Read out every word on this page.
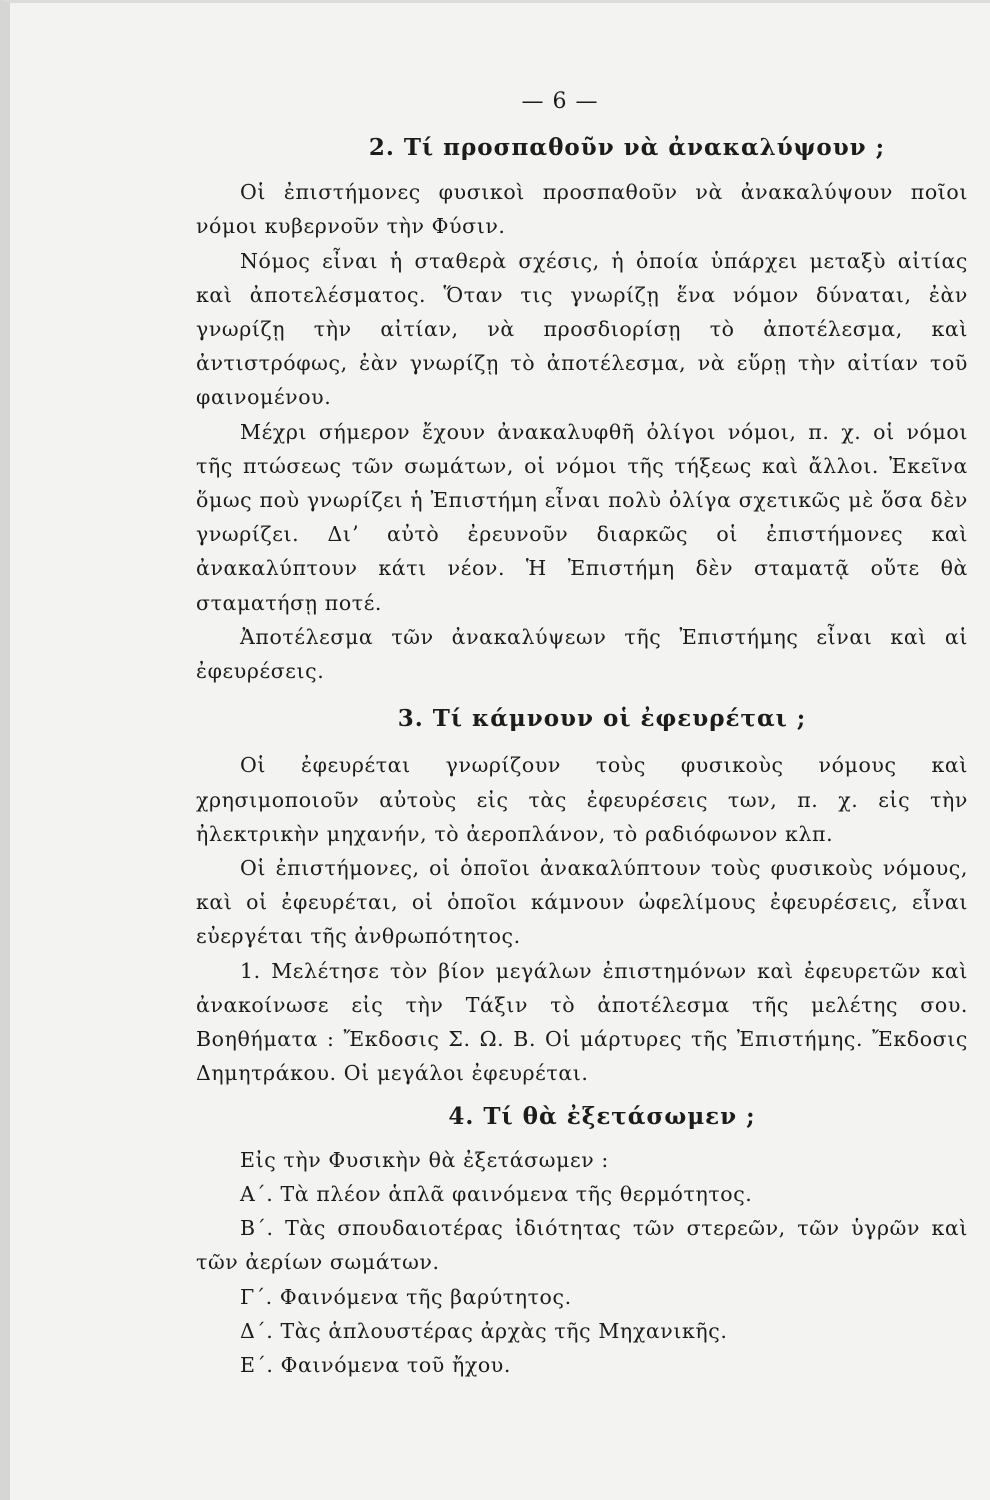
— 6 —
2. Τί προσπαθοῦν νὰ ἀνακαλύψουν ;

Οἱ ἐπιστήμονες φυσικοὶ προσπαθοῦν νὰ ἀνακαλύψουν ποῖοι νόμοι κυβερνοῦν τὴν Φύσιν.

Νόμος εἶναι ἡ σταθερὰ σχέσις, ἡ ὁποία ὑπάρχει μεταξὺ αἰτίας καὶ ἀποτελέσματος. Ὅταν τις γνωρίζῃ ἕνα νόμον δύναται, ἐὰν γνωρίζῃ τὴν αἰτίαν, νὰ προσδιορίσῃ τὸ ἀποτέλεσμα, καὶ ἀντιστρόφως, ἐὰν γνωρίζῃ τὸ ἀποτέλεσμα, νὰ εὕρῃ τὴν αἰτίαν τοῦ φαινομένου.

Μέχρι σήμερον ἔχουν ἀνακαλυφθῆ ὀλίγοι νόμοι, π. χ. οἱ νόμοι τῆς πτώσεως τῶν σωμάτων, οἱ νόμοι τῆς τήξεως καὶ ἄλλοι. Ἐκεῖνα ὅμως ποὺ γνωρίζει ἡ Ἐπιστήμη εἶναι πολὺ ὀλίγα σχετικῶς μὲ ὅσα δὲν γνωρίζει. Διʼ αὐτὸ ἐρευνοῦν διαρκῶς οἱ ἐπιστήμονες καὶ ἀνακαλύπτουν κάτι νέον. Ἡ Ἐπιστήμη δὲν σταματᾷ οὔτε θὰ σταματήσῃ ποτέ.

Ἀποτέλεσμα τῶν ἀνακαλύψεων τῆς Ἐπιστήμης εἶναι καὶ αἱ ἐφευρέσεις.

3. Τί κάμνουν οἱ ἐφευρέται ;

Οἱ ἐφευρέται γνωρίζουν τοὺς φυσικοὺς νόμους καὶ χρησιμοποιοῦν αὐτοὺς εἰς τὰς ἐφευρέσεις των, π. χ. εἰς τὴν ἠλεκτρικὴν μηχανήν, τὸ ἀεροπλάνον, τὸ ραδιόφωνον κλπ.

Οἱ ἐπιστήμονες, οἱ ὁποῖοι ἀνακαλύπτουν τοὺς φυσικοὺς νόμους, καὶ οἱ ἐφευρέται, οἱ ὁποῖοι κάμνουν ὠφελίμους ἐφευρέσεις, εἶναι εὐεργέται τῆς ἀνθρωπότητος.

1. Μελέτησε τὸν βίον μεγάλων ἐπιστημόνων καὶ ἐφευρετῶν καὶ ἀνακοίνωσε εἰς τὴν Τάξιν τὸ ἀποτέλεσμα τῆς μελέτης σου. Βοηθήματα : Ἔκδοσις Σ. Ω. Β. Οἱ μάρτυρες τῆς Ἐπιστήμης. Ἔκδοσις Δημητράκου. Οἱ μεγάλοι ἐφευρέται.

4. Τί θὰ ἐξετάσωμεν ;

Εἰς τὴν Φυσικὴν θὰ ἐξετάσωμεν :

Α΄. Τὰ πλέον ἁπλᾶ φαινόμενα τῆς θερμότητος.

Β΄. Τὰς σπουδαιοτέρας ἰδιότητας τῶν στερεῶν, τῶν ὑγρῶν καὶ τῶν ἀερίων σωμάτων.

Γ΄. Φαινόμενα τῆς βαρύτητος.

Δ΄. Τὰς ἁπλουστέρας ἀρχὰς τῆς Μηχανικῆς.

Ε΄. Φαινόμενα τοῦ ἤχου.
